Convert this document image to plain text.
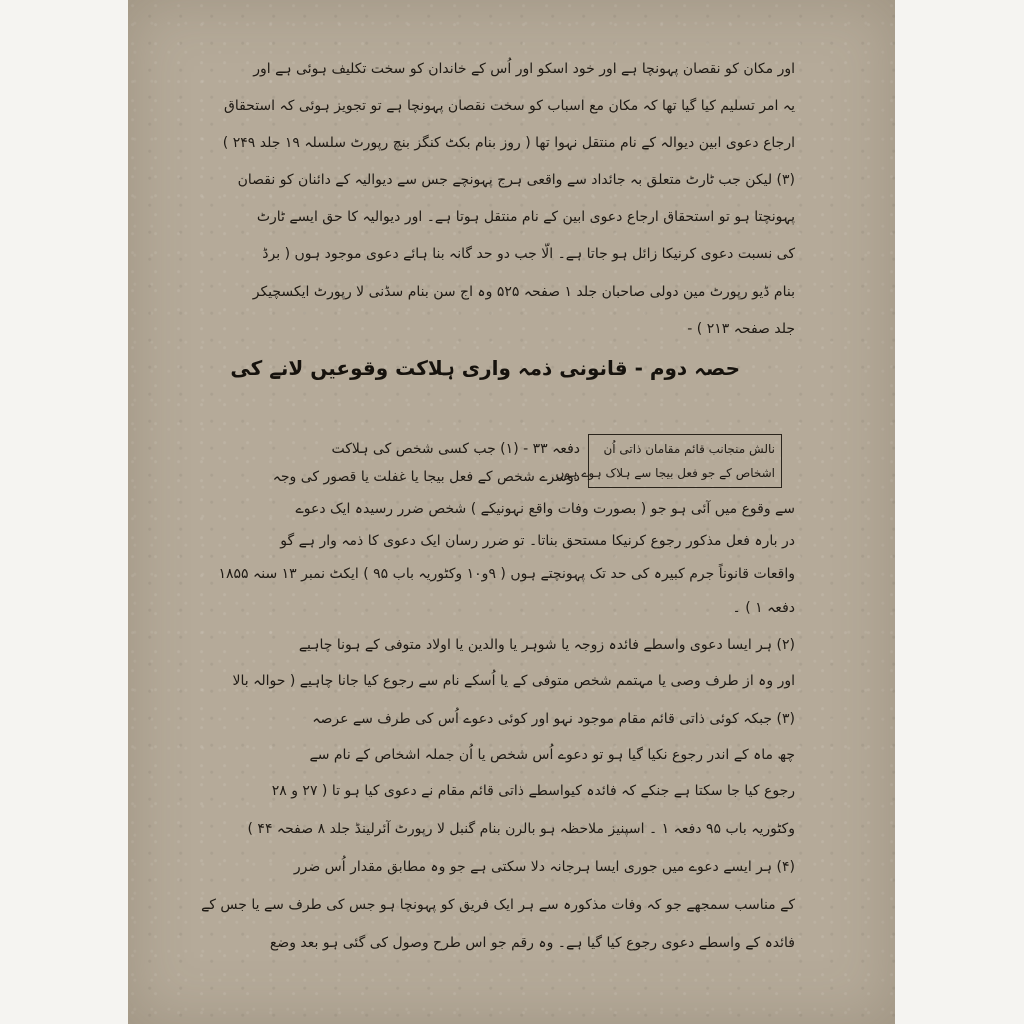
اور مکان کو نقصان پہونچا ہے اور خود اسکو اور اُس کے خاندان کو سخت تکلیف ہوئی ہے اور
یہ امر تسلیم کیا گیا تھا کہ مکان مع اسباب کو سخت نقصان پہونچا ہے تو تجویز ہوئی کہ استحقاق
ارجاع دعوی ابین دیوالہ کے نام منتقل نہوا تھا ( روز بنام بکٹ کنگز بنچ رپورٹ سلسلہ ۱۹ جلد ۲۴۹ )
(۳) لیکن جب ٹارٹ متعلق بہ جائداد سے واقعی ہرج پہونچے جس سے دیوالیہ کے دائنان کو نقصان
پہونچتا ہو تو استحقاق ارجاع دعوی ابین کے نام منتقل ہوتا ہے۔ اور دیوالیہ کا حق ایسے ٹارٹ
کی نسبت دعوی کرنیکا زائل ہو جاتا ہے۔ الّا جب دو حد گانہ بنا ہائے دعوی موجود ہوں ( برڈ
بنام ڈیو رپورٹ مین دولی صاحبان جلد ۱ صفحہ ۵۲۵ وہ اج سن بنام سڈنی لا رپورٹ ایکسچیکر
جلد صفحہ ۲۱۳ ) -
حصہ دوم - قانونی ذمہ واری ہلاکت وقوعیں لانے کی
نالش منجانب قائم مقامان ذاتی اُن
اشخاص کے جو فعل بیجا سے ہلاک ہوے ہوں
دفعہ ۳۳ - (۱) جب کسی شخص کی ہلاکت
دوسرے شخص کے فعل بیجا یا غفلت یا قصور کی وجہ
سے وقوع میں آئی ہو جو ( بصورت وفات واقع نہونیکے ) شخص ضرر رسیدہ ایک دعوے
در بارہ فعل مذکور رجوع کرنیکا مستحق بناتا۔ تو ضرر رسان ایک دعوی کا ذمہ وار ہے گو
واقعات قانوناً جرم کبیرہ کی حد تک پہونچتے ہوں ( ۹و۱۰ وکٹوریہ باب ۹۵ ) ایکٹ نمبر ۱۳ سنہ ۱۸۵۵
دفعہ ۱ ) ۔
(۲) ہر ایسا دعوی واسطے فائدہ زوجہ یا شوہر یا والدین یا اولاد متوفی کے ہونا چاہیے
اور وہ از طرف وصی یا مہتمم شخص متوفی کے یا اُسکے نام سے رجوع کیا جانا چاہیے ( حوالہ بالا
(۳) جبکہ کوئی ذاتی قائم مقام موجود نہو اور کوئی دعوے اُس کی طرف سے عرصہ
چھ ماہ کے اندر رجوع نکیا گیا ہو تو دعوے اُس شخص یا اُن جملہ اشخاص کے نام سے
رجوع کیا جا سکتا ہے جنکے کہ فائدہ کیواسطے ذاتی قائم مقام نے دعوی کیا ہو تا ( ۲۷ و ۲۸
وکٹوریہ باب ۹۵ دفعہ ۱ ۔ اسپنیز ملاحظہ ہو بالرن بنام گنبل لا رپورٹ آئرلینڈ جلد ۸ صفحہ ۴۴ )
(۴) ہر ایسے دعوے میں جوری ایسا ہرجانہ دلا سکتی ہے جو وہ مطابق مقدار اُس ضرر
کے مناسب سمجھے جو کہ وفات مذکورہ سے ہر ایک فریق کو پہونچا ہو جس کی طرف سے یا جس کے
فائدہ کے واسطے دعوی رجوع کیا گیا ہے۔ وہ رقم جو اس طرح وصول کی گئی ہو بعد وضع
